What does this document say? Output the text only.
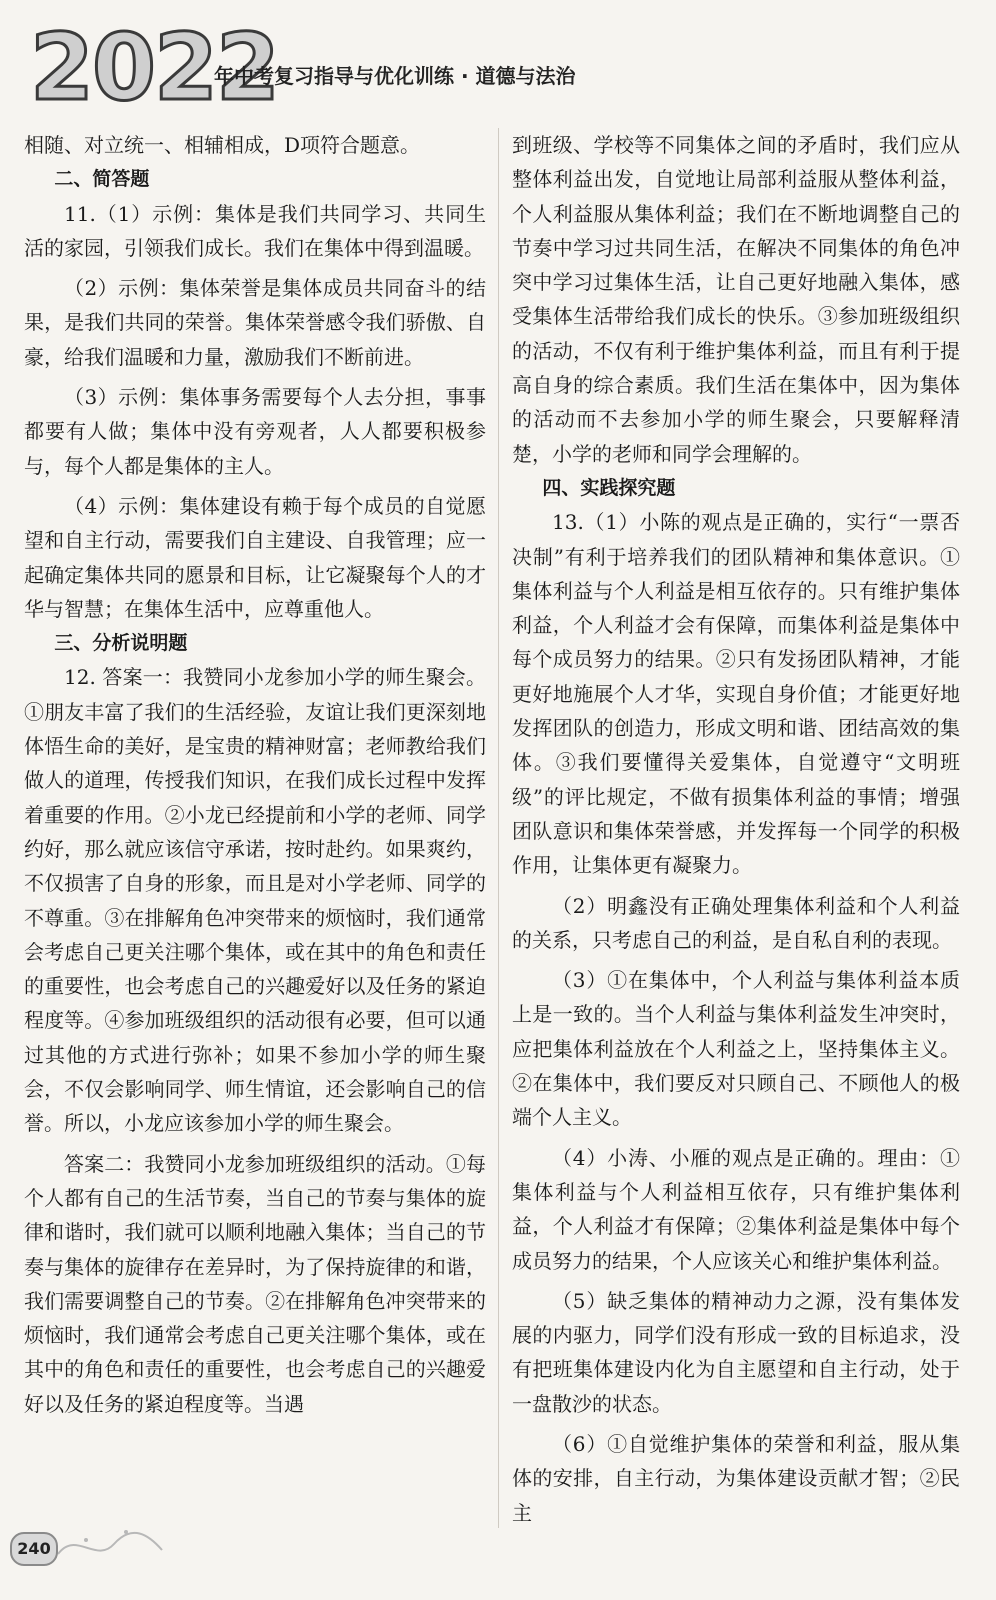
2022
年中考复习指导与优化训练 · 道德与法治

相随、对立统一、相辅相成，D项符合题意。

二、简答题

11.（1）示例：集体是我们共同学习、共同生活的家园，引领我们成长。我们在集体中得到温暖。

（2）示例：集体荣誉是集体成员共同奋斗的结果，是我们共同的荣誉。集体荣誉感令我们骄傲、自豪，给我们温暖和力量，激励我们不断前进。

（3）示例：集体事务需要每个人去分担，事事都要有人做；集体中没有旁观者，人人都要积极参与，每个人都是集体的主人。

（4）示例：集体建设有赖于每个成员的自觉愿望和自主行动，需要我们自主建设、自我管理；应一起确定集体共同的愿景和目标，让它凝聚每个人的才华与智慧；在集体生活中，应尊重他人。

三、分析说明题

12. 答案一：我赞同小龙参加小学的师生聚会。①朋友丰富了我们的生活经验，友谊让我们更深刻地体悟生命的美好，是宝贵的精神财富；老师教给我们做人的道理，传授我们知识，在我们成长过程中发挥着重要的作用。②小龙已经提前和小学的老师、同学约好，那么就应该信守承诺，按时赴约。如果爽约，不仅损害了自身的形象，而且是对小学老师、同学的不尊重。③在排解角色冲突带来的烦恼时，我们通常会考虑自己更关注哪个集体，或在其中的角色和责任的重要性，也会考虑自己的兴趣爱好以及任务的紧迫程度等。④参加班级组织的活动很有必要，但可以通过其他的方式进行弥补；如果不参加小学的师生聚会，不仅会影响同学、师生情谊，还会影响自己的信誉。所以，小龙应该参加小学的师生聚会。

答案二：我赞同小龙参加班级组织的活动。①每个人都有自己的生活节奏，当自己的节奏与集体的旋律和谐时，我们就可以顺利地融入集体；当自己的节奏与集体的旋律存在差异时，为了保持旋律的和谐，我们需要调整自己的节奏。②在排解角色冲突带来的烦恼时，我们通常会考虑自己更关注哪个集体，或在其中的角色和责任的重要性，也会考虑自己的兴趣爱好以及任务的紧迫程度等。当遇

到班级、学校等不同集体之间的矛盾时，我们应从整体利益出发，自觉地让局部利益服从整体利益，个人利益服从集体利益；我们在不断地调整自己的节奏中学习过共同生活，在解决不同集体的角色冲突中学习过集体生活，让自己更好地融入集体，感受集体生活带给我们成长的快乐。③参加班级组织的活动，不仅有利于维护集体利益，而且有利于提高自身的综合素质。我们生活在集体中，因为集体的活动而不去参加小学的师生聚会，只要解释清楚，小学的老师和同学会理解的。

四、实践探究题

13.（1）小陈的观点是正确的，实行“一票否决制”有利于培养我们的团队精神和集体意识。①集体利益与个人利益是相互依存的。只有维护集体利益，个人利益才会有保障，而集体利益是集体中每个成员努力的结果。②只有发扬团队精神，才能更好地施展个人才华，实现自身价值；才能更好地发挥团队的创造力，形成文明和谐、团结高效的集体。③我们要懂得关爱集体，自觉遵守“文明班级”的评比规定，不做有损集体利益的事情；增强团队意识和集体荣誉感，并发挥每一个同学的积极作用，让集体更有凝聚力。

（2）明鑫没有正确处理集体利益和个人利益的关系，只考虑自己的利益，是自私自利的表现。

（3）①在集体中，个人利益与集体利益本质上是一致的。当个人利益与集体利益发生冲突时，应把集体利益放在个人利益之上，坚持集体主义。②在集体中，我们要反对只顾自己、不顾他人的极端个人主义。

（4）小涛、小雁的观点是正确的。理由：①集体利益与个人利益相互依存，只有维护集体利益，个人利益才有保障；②集体利益是集体中每个成员努力的结果，个人应该关心和维护集体利益。

（5）缺乏集体的精神动力之源，没有集体发展的内驱力，同学们没有形成一致的目标追求，没有把班集体建设内化为自主愿望和自主行动，处于一盘散沙的状态。

（6）①自觉维护集体的荣誉和利益，服从集体的安排，自主行动，为集体建设贡献才智；②民主

240
